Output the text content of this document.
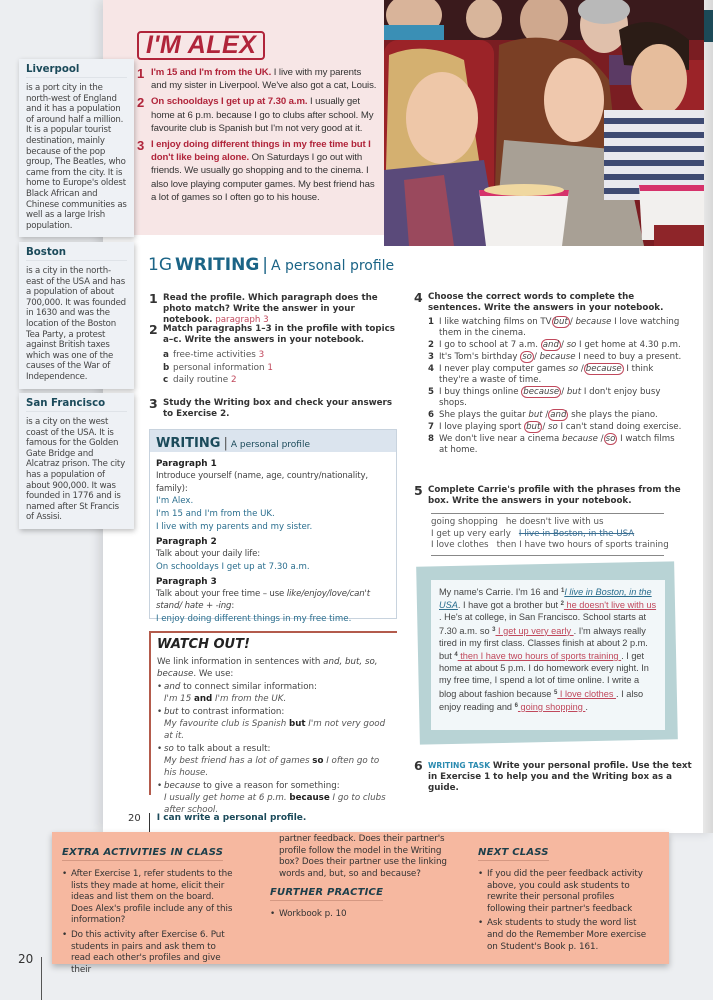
I'M ALEX
1 I'm 15 and I'm from the UK. I live with my parents and my sister in Liverpool. We've also got a cat, Louis.
2 On schooldays I get up at 7.30 a.m. I usually get home at 6 p.m. because I go to clubs after school. My favourite club is Spanish but I'm not very good at it.
3 I enjoy doing different things in my free time but I don't like being alone. On Saturdays I go out with friends. We usually go shopping and to the cinema. I also love playing computer games. My best friend has a lot of games so I often go to his house.
Liverpool
is a port city in the north-west of England and it has a population of around half a million. It is a popular tourist destination, mainly because of the pop group, The Beatles, who came from the city. It is home to Europe's oldest Black African and Chinese communities as well as a large Irish population.
Boston
is a city in the north-east of the USA and has a population of about 700,000. It was founded in 1630 and was the location of the Boston Tea Party, a protest against British taxes which was one of the causes of the War of Independence.
San Francisco
is a city on the west coast of the USA. It is famous for the Golden Gate Bridge and Alcatraz prison. The city has a population of about 900,000. It was founded in 1776 and is named after St Francis of Assisi.
1G WRITING | A personal profile
1 Read the profile. Which paragraph does the photo match? Write the answer in your notebook. paragraph 3
2 Match paragraphs 1–3 in the profile with topics a–c. Write the answers in your notebook.
a free-time activities
3
b personal information
1
c daily routine
2
3 Study the Writing box and check your answers to Exercise 2.
WRITING | A personal profile
Paragraph 1
Introduce yourself (name, age, country/nationality, family):
I'm Alex.
I'm 15 and I'm from the UK.
I live with my parents and my sister.
Paragraph 2
Talk about your daily life:
On schooldays I get up at 7.30 a.m.
Paragraph 3
Talk about your free time – use like/enjoy/love/can't stand/ hate + -ing:
I enjoy doing different things in my free time.
WATCH OUT!
We link information in sentences with and, but, so, because. We use:
• and to connect similar information:
I'm 15 and I'm from the UK.
• but to contrast information:
My favourite club is Spanish but I'm not very good at it.
• so to talk about a result:
My best friend has a lot of games so I often go to his house.
• because to give a reason for something:
I usually get home at 6 p.m. because I go to clubs after school.
20 I can write a personal profile.
4 Choose the correct words to complete the sentences. Write the answers in your notebook.
1 I like watching films on TV but / because I love watching them in the cinema.
2 I go to school at 7 a.m. and / so I get home at 4.30 p.m.
3 It's Tom's birthday so / because I need to buy a present.
4 I never play computer games so / because I think they're a waste of time.
5 I buy things online because / but I don't enjoy busy shops.
6 She plays the guitar but / and she plays the piano.
7 I love playing sport but / so I can't stand doing exercise.
8 We don't live near a cinema because / so I watch films at home.
5 Complete Carrie's profile with the phrases from the box. Write the answers in your notebook.
going shopping he doesn't live with us
I get up very early I live in Boston, in the USA
I love clothes then I have two hours of sports training
My name's Carrie. I'm 16 and $^1$I live in Boston, in the USA. I have got a brother but $^2$ he doesn't live with us . He's at college, in San Francisco. School starts at 7.30 a.m. so $^3$ I get up very early . I'm always really tired in my first class. Classes finish at about 2 p.m. but $^4$ then I have two hours of sports training . I get home at about 5 p.m. I do homework every night. In my free time, I spend a lot of time online. I write a blog about fashion because $^5$ I love clothes . I also enjoy reading and $^6$ going shopping .
6 WRITING TASK Write your personal profile. Use the text in Exercise 1 to help you and the Writing box as a guide.
EXTRA ACTIVITIES IN CLASS
• After Exercise 1, refer students to the lists they made at home, elicit their ideas and list them on the board. Does Alex's profile include any of this information?
• Do this activity after Exercise 6. Put students in pairs and ask them to read each other's profiles and give their
partner feedback. Does their partner's profile follow the model in the Writing box? Does their partner use the linking words and, but, so and because?
FURTHER PRACTICE
• Workbook p. 10
NEXT CLASS
• If you did the peer feedback activity above, you could ask students to rewrite their personal profiles following their partner's feedback
• Ask students to study the word list and do the Remember More exercise on Student's Book p. 161.
20
